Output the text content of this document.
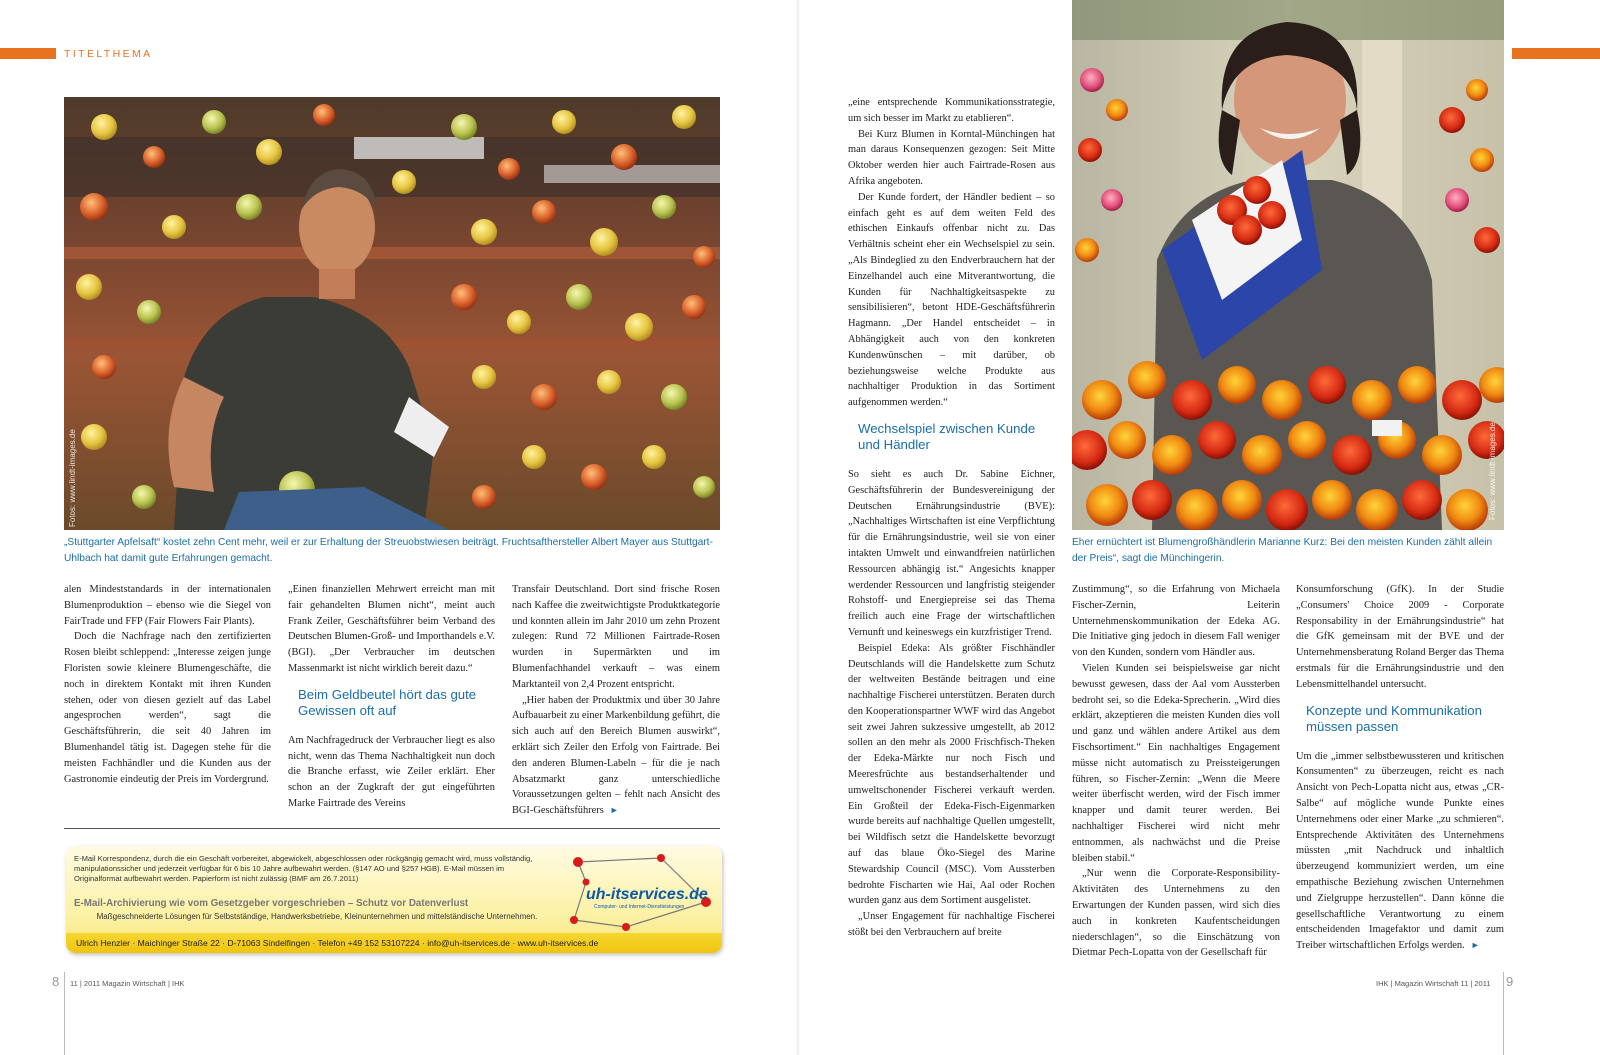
TITELTHEMA
Fotos: www.lindt-images.de
„Stuttgarter Apfelsaft“ kostet zehn Cent mehr, weil er zur Erhaltung der Streuobstwiesen beiträgt. Fruchtsafthersteller Albert Mayer aus Stuttgart-Uhlbach hat damit gute Erfahrungen gemacht.

alen Mindeststandards in der internationalen Blumenproduktion – ebenso wie die Siegel von FairTrade und FFP (Fair Flowers Fair Plants).

Doch die Nachfrage nach den zertifizierten Rosen bleibt schleppend: „Interesse zeigen junge Floristen sowie kleinere Blumengeschäfte, die noch in direktem Kontakt mit ihren Kunden stehen, oder von diesen gezielt auf das Label angesprochen werden“, sagt die Geschäftsführerin, die seit 40 Jahren im Blumenhandel tätig ist. Dagegen stehe für die meisten Fachhändler und die Kunden aus der Gastronomie eindeutig der Preis im Vordergrund.

„Einen finanziellen Mehrwert erreicht man mit fair gehandelten Blumen nicht“, meint auch Frank Zeiler, Geschäftsführer beim Verband des Deutschen Blumen-Groß- und Importhandels e.V. (BGI). „Der Verbraucher im deutschen Massenmarkt ist nicht wirklich bereit dazu.“

Beim Geldbeutel hört das gute Gewissen oft auf

Am Nachfragedruck der Verbraucher liegt es also nicht, wenn das Thema Nachhaltigkeit nun doch die Branche erfasst, wie Zeiler erklärt. Eher schon an der Zugkraft der gut eingeführten Marke Fairtrade des Vereins

Transfair Deutschland. Dort sind frische Rosen nach Kaffee die zweitwichtigste Produktkategorie und konnten allein im Jahr 2010 um zehn Prozent zulegen: Rund 72 Millionen Fairtrade-Rosen wurden in Supermärkten und im Blumenfachhandel verkauft – was einem Marktanteil von 2,4 Prozent entspricht.

„Hier haben der Produktmix und über 30 Jahre Aufbauarbeit zu einer Markenbildung geführt, die sich auch auf den Bereich Blumen auswirkt“, erklärt sich Zeiler den Erfolg von Fairtrade. Bei den anderen Blumen-Labeln – für die je nach Absatzmarkt ganz unterschiedliche Voraussetzungen gelten – fehlt nach Ansicht des BGI-Geschäftsführers ►

E-Mail Korrespondenz, durch die ein Geschäft vorbereitet, abgewickelt, abgeschlossen oder rückgängig gemacht wird, muss vollständig, manipulationssicher und jederzeit verfügbar für 6 bis 10 Jahre aufbewahrt werden. (§147 AO und §257 HGB). E-Mail müssen im Originalformat aufbewahrt werden. Papierform ist nicht zulässig (BMF am 26.7.2011)
E-Mail-Archivierung wie vom Gesetzgeber vorgeschrieben – Schutz vor Datenverlust
Maßgeschneiderte Lösungen für Selbstständige, Handwerksbetriebe, Kleinunternehmen und mittelständische Unternehmen.
uh-itservices.de
Computer- und Internet-Dienstleistungen
Ulrich Henzler · Maichinger Straße 22 · D-71063 Sindelfingen · Telefon +49 152 53107224 · info@uh-itservices.de · www.uh-itservices.de
8 11 | 2011 Magazin Wirtschaft | IHK

„eine entsprechende Kommunikationsstrategie, um sich besser im Markt zu etablieren“.

Bei Kurz Blumen in Korntal-Münchingen hat man daraus Konsequenzen gezogen: Seit Mitte Oktober werden hier auch Fairtrade-Rosen aus Afrika angeboten.

Der Kunde fordert, der Händler bedient – so einfach geht es auf dem weiten Feld des ethischen Einkaufs offenbar nicht zu. Das Verhältnis scheint eher ein Wechselspiel zu sein. „Als Bindeglied zu den Endverbrauchern hat der Einzelhandel auch eine Mitverantwortung, die Kunden für Nachhaltigkeitsaspekte zu sensibilisieren“, betont HDE-Geschäftsführerin Hagmann. „Der Handel entscheidet – in Abhängigkeit auch von den konkreten Kundenwünschen – mit darüber, ob beziehungsweise welche Produkte aus nachhaltiger Produktion in das Sortiment aufgenommen werden.“

Wechselspiel zwischen Kunde und Händler

So sieht es auch Dr. Sabine Eichner, Geschäftsführerin der Bundesvereinigung der Deutschen Ernährungsindustrie (BVE): „Nachhaltiges Wirtschaften ist eine Verpflichtung für die Ernährungsindustrie, weil sie von einer intakten Umwelt und einwandfreien natürlichen Ressourcen abhängig ist.“ Angesichts knapper werdender Ressourcen und langfristig steigender Rohstoff- und Energiepreise sei das Thema freilich auch eine Frage der wirtschaftlichen Vernunft und keineswegs ein kurzfristiger Trend.

Beispiel Edeka: Als größter Fischhändler Deutschlands will die Handelskette zum Schutz der weltweiten Bestände beitragen und eine nachhaltige Fischerei unterstützen. Beraten durch den Kooperationspartner WWF wird das Angebot seit zwei Jahren sukzessive umgestellt, ab 2012 sollen an den mehr als 2000 Frischfisch-Theken der Edeka-Märkte nur noch Fisch und Meeresfrüchte aus bestandserhaltender und umweltschonender Fischerei verkauft werden. Ein Großteil der Edeka-Fisch-Eigenmarken wurde bereits auf nachhaltige Quellen umgestellt, bei Wildfisch setzt die Handelskette bevorzugt auf das blaue Öko-Siegel des Marine Stewardship Council (MSC). Vom Aussterben bedrohte Fischarten wie Hai, Aal oder Rochen wurden ganz aus dem Sortiment ausgelistet.

„Unser Engagement für nachhaltige Fischerei stößt bei den Verbrauchern auf breite

Fotos: www.lindt-images.de
Eher ernüchtert ist Blumengroßhändlerin Marianne Kurz: Bei den meisten Kunden zählt allein der Preis“, sagt die Münchingerin.

Zustimmung“, so die Erfahrung von Michaela Fischer-Zernin, Leiterin Unternehmenskommunikation der Edeka AG. Die Initiative ging jedoch in diesem Fall weniger von den Kunden, sondern vom Händler aus.

Vielen Kunden sei beispielsweise gar nicht bewusst gewesen, dass der Aal vom Aussterben bedroht sei, so die Edeka-Sprecherin. „Wird dies erklärt, akzeptieren die meisten Kunden dies voll und ganz und wählen andere Artikel aus dem Fischsortiment.“ Ein nachhaltiges Engagement müsse nicht automatisch zu Preissteigerungen führen, so Fischer-Zernin: „Wenn die Meere weiter überfischt werden, wird der Fisch immer knapper und damit teurer werden. Bei nachhaltiger Fischerei wird nicht mehr entnommen, als nachwächst und die Preise bleiben stabil.“

„Nur wenn die Corporate-Responsibility-Aktivitäten des Unternehmens zu den Erwartungen der Kunden passen, wird sich dies auch in konkreten Kaufentscheidungen niederschlagen“, so die Einschätzung von Dietmar Pech-Lopatta von der Gesellschaft für

Konsumforschung (GfK). In der Studie „Consumers' Choice 2009 - Corporate Responsability in der Ernährungsindustrie“ hat die GfK gemeinsam mit der BVE und der Unternehmensberatung Roland Berger das Thema erstmals für die Ernährungsindustrie und den Lebensmittelhandel untersucht.

Konzepte und Kommunikation müssen passen

Um die „immer selbstbewussteren und kritischen Konsumenten“ zu überzeugen, reicht es nach Ansicht von Pech-Lopatta nicht aus, etwas „CR-Salbe“ auf mögliche wunde Punkte eines Unternehmens oder einer Marke „zu schmieren“. Entsprechende Aktivitäten des Unternehmens müssten „mit Nachdruck und inhaltlich überzeugend kommuniziert werden, um eine empathische Beziehung zwischen Unternehmen und Zielgruppe herzustellen“. Dann könne die gesellschaftliche Verantwortung zu einem entscheidenden Imagefaktor und damit zum Treiber wirtschaftlichen Erfolgs werden. ►

IHK | Magazin Wirtschaft 11 | 2011 9
